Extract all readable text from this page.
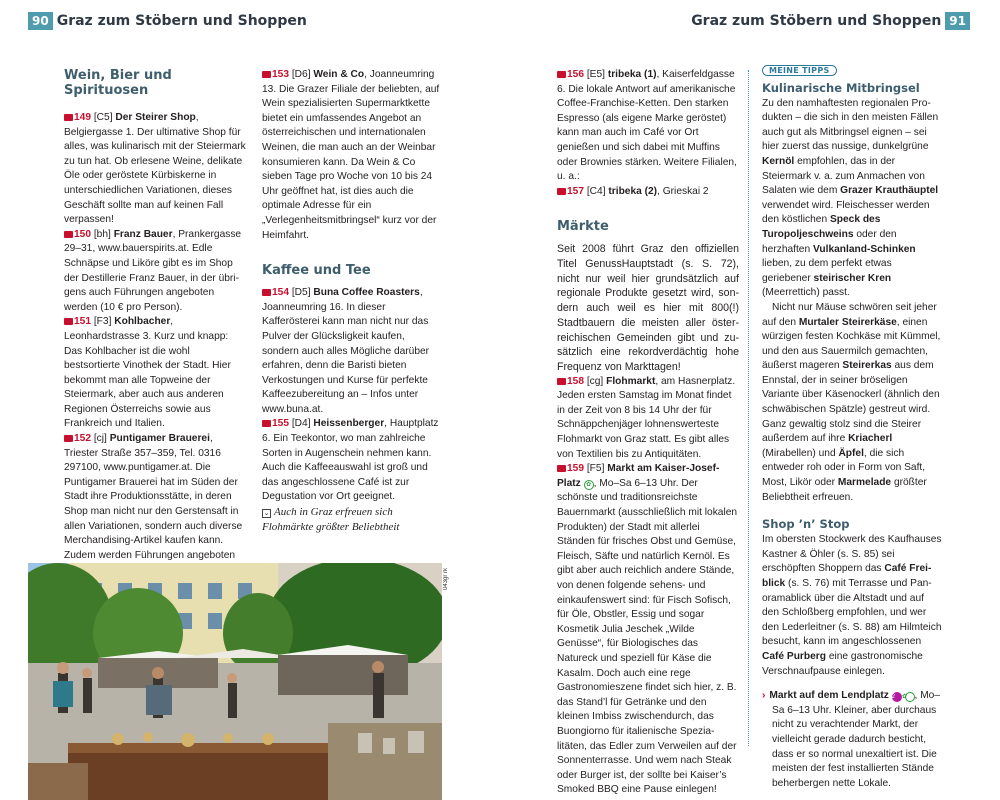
90 Graz zum Stöbern und Shoppen	Graz zum Stöbern und Shoppen 91
Wein, Bier und Spirituosen

149 [C5] Der Steirer Shop, Belgiergasse 1. Der ultimative Shop für alles, was kulinarisch mit der Steiermark zu tun hat. Ob erlesene Weine, delikate Öle oder geröstete Kürbiskerne in unterschiedlichen Variationen, dieses Geschäft sollte man auf keinen Fall verpassen!

150 [bh] Franz Bauer, Prankergasse 29–31, www.bauerspirits.at. Edle Schnäpse und Liköre gibt es im Shop der Destillerie Franz Bauer, in der übrigens auch Führungen angeboten werden (10 € pro Person).

151 [F3] Kohlbacher, Leonhardstrasse 3. Kurz und knapp: Das Kohlbacher ist die wohl bestsortierte Vinothek der Stadt. Hier bekommt man alle Topweine der Steiermark, aber auch aus anderen Regionen Österreichs sowie aus Frankreich und Italien.

152 [cj] Puntigamer Brauerei, Triester Straße 357–359, Tel. 0316 297100, www.puntigamer.at. Die Puntigamer Brauerei hat im Süden der Stadt ihre Produktionsstätte, in deren Shop man nicht nur den Gerstensaft in allen Variationen, sondern auch diverse Merchandising-Artikel kaufen kann. Zudem werden Führungen angeboten

153 [D6] Wein & Co, Joanneumring 13. Die Grazer Filiale der beliebten, auf Wein spezialisierten Supermarktkette bietet ein umfassendes Angebot an österreichischen und internationalen Weinen, die man auch an der Weinbar konsumieren kann. Da Wein & Co sieben Tage pro Woche von 10 bis 24 Uhr geöffnet hat, ist dies auch die optimale Adresse für ein „Verlegenheitsmitbringsel“ kurz vor der Heimfahrt.

Kaffee und Tee

154 [D5] Buna Coffee Roasters, Joanneumring 16. In dieser Kafferösterei kann man nicht nur das Pulver der Glücksligkeit kaufen, sondern auch alles Mögliche darüber erfahren, denn die Baristi bieten Verkostungen und Kurse für perfekte Kaffeezubereitung an – Infos unter www.buna.at.

155 [D4] Heissenberger, Hauptplatz 6. Ein Teekontor, wo man zahlreiche Sorten in Augenschein nehmen kann. Auch die Kaffeeauswahl ist groß und das angeschlossene Café ist zur Degustation vor Ort geeignet.

⌄ Auch in Graz erfreuen sich Flohmärkte größter Beliebtheit

043gr rk

156 [E5] tribeka (1), Kaiserfeldgasse 6. Die lokale Antwort auf amerikanische Coffee-Franchise-Ketten. Den starken Espresso (als eigene Marke geröstet) kann man auch im Café vor Ort genießen und sich dabei mit Muffins oder Brownies stärken. Weitere Filialen, u. a.:

157 [C4] tribeka (2), Grieskai 2

Märkte

Seit 2008 führt Graz den offiziellen Titel GenussHauptstadt (s. S. 72), nicht nur weil hier grundsätzlich auf regionale Produkte gesetzt wird, sondern auch weil es hier mit 800(!) Stadtbauern die meisten aller österreichischen Gemeinden gibt und zusätzlich eine rekordverdächtig hohe Frequenz von Markttagen!

158 [cg] Flohmarkt, am Hasnerplatz. Jeden ersten Samstag im Monat findet in der Zeit von 8 bis 14 Uhr der für Schnäppchenjäger lohnenswerteste Flohmarkt von Graz statt. Es gibt alles von Textilien bis zu Antiquitäten.

159 [F5] Markt am Kaiser-Josef-Platz ✿ , Mo–Sa 6–13 Uhr. Der schönste und traditionsreichste Bauernmarkt (ausschließlich mit lokalen Produkten) der Stadt mit allerlei Ständen für frisches Obst und Gemüse, Fleisch, Säfte und natürlich Kernöl. Es gibt aber auch reichlich andere Stände, von denen folgende sehens- und einkaufenswert sind: für Fisch Sofisch, für Öle, Obstler, Essig und sogar Kosmetik Julia Jeschek „Wilde Genüsse“, für Biologisches das Natureck und speziell für Käse die Kasalm. Doch auch eine rege Gastronomieszene findet sich hier, z. B. das Stand’l für Getränke und den kleinen Imbiss zwischendurch, das Buongiorno für italienische Spezialitäten, das Edler zum Verweilen auf der Sonnenterrasse. Und wem nach Steak oder Burger ist, der sollte bei Kaiser’s Smoked BBQ eine Pause einlegen!

MEINE TIPPS
Kulinarische Mitbringsel

Zu den namhaftesten regionalen Produkten – die sich in den meisten Fällen auch gut als Mitbringsel eignen – sei hier zuerst das nussige, dunkelgrüne Kernöl empfohlen, das in der Steiermark v. a. zum Anmachen von Salaten wie dem Grazer Krauthäuptel verwendet wird. Fleischesser werden den köstlichen Speck des Turopoljeschweins oder den herzhaften Vulkanland-Schinken lieben, zu dem perfekt etwas geriebener steirischer Kren (Meerrettich) passt.

Nicht nur Mäuse schwören seit jeher auf den Murtaler Steirerkäse, einen würzigen festen Kochkäse mit Kümmel, und den aus Sauermilch gemachten, äußerst mageren Steirerkas aus dem Ennstal, der in seiner bröseligen Variante über Käsenockerl (ähnlich den schwäbischen Spätzle) gestreut wird. Ganz gewaltig stolz sind die Steirer außerdem auf ihre Kriacherl (Mirabellen) und Äpfel, die sich entweder roh oder in Form von Saft, Most, Likör oder Marmelade größter Beliebtheit erfreuen.

Shop ’n’ Stop

Im obersten Stockwerk des Kaufhauses Kastner & Öhler (s. S. 85) sei erschöpften Shoppern das Café Freiblick (s. S. 76) mit Terrasse und Panoramablick über die Altstadt und auf den Schloßberg empfohlen, und wer den Lederleitner (s. S. 88) am Hilmteich besucht, kann im angeschlossenen Café Purberg eine gastronomische Verschnaufpause einlegen.

› Markt auf dem Lendplatz 22 ✿ , Mo–Sa 6–13 Uhr. Kleiner, aber durchaus nicht zu verachtender Markt, der vielleicht gerade dadurch besticht, dass er so normal unexaltiert ist. Die meisten der fest installierten Stände beherbergen nette Lokale.
